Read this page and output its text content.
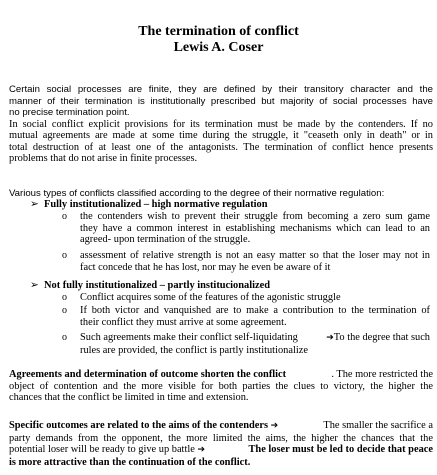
The termination of conflict
Lewis A. Coser
Certain social processes are finite, they are defined by their transitory character and the
manner of their termination is institutionally prescribed but majority of social processes have
no precise termination point.
In social conflict explicit provisions for its termination must be made by the contenders. If no
mutual agreements are made at some time during the struggle, it "ceaseth only in death" or in
total destruction of at least one of the antagonists. The termination of conflict hence presents
problems that do not arise in finite processes.
Various types of conflicts classified according to the degree of their normative regulation:
➢ Fully institutionalized – high normative regulation
o the contenders wish to prevent their struggle from becoming a zero sum game
they have a common interest in establishing mechanisms which can lead to an
agreed- upon termination of the struggle.
o assessment of relative strength is not an easy matter so that the loser may not in
fact concede that he has lost, nor may he even be aware of it
➢ Not fully institutionalized – partly institucionalized
o Conflict acquires some of the features of the agonistic struggle
o If both victor and vanquished are to make a contribution to the termination of
their conflict they must arrive at some agreement.
o Such agreements make their conflict self-liquidating	➔To the degree that such
rules are provided, the conflict is partly institutionalize
Agreements and determination of outcome shorten the conflict	. The more restricted the
object of contention and the more visible for both parties the clues to victory, the higher the
chances that the conflict be limited in time and extension.
Specific outcomes are related to the aims of the contenders ➔	The smaller the sacrifice a
party demands from the opponent, the more limited the aims, the higher the chances that the
potential loser will be ready to give up battle ➔	The loser must be led to decide that peace
is more attractive than the continuation of the conflict.
